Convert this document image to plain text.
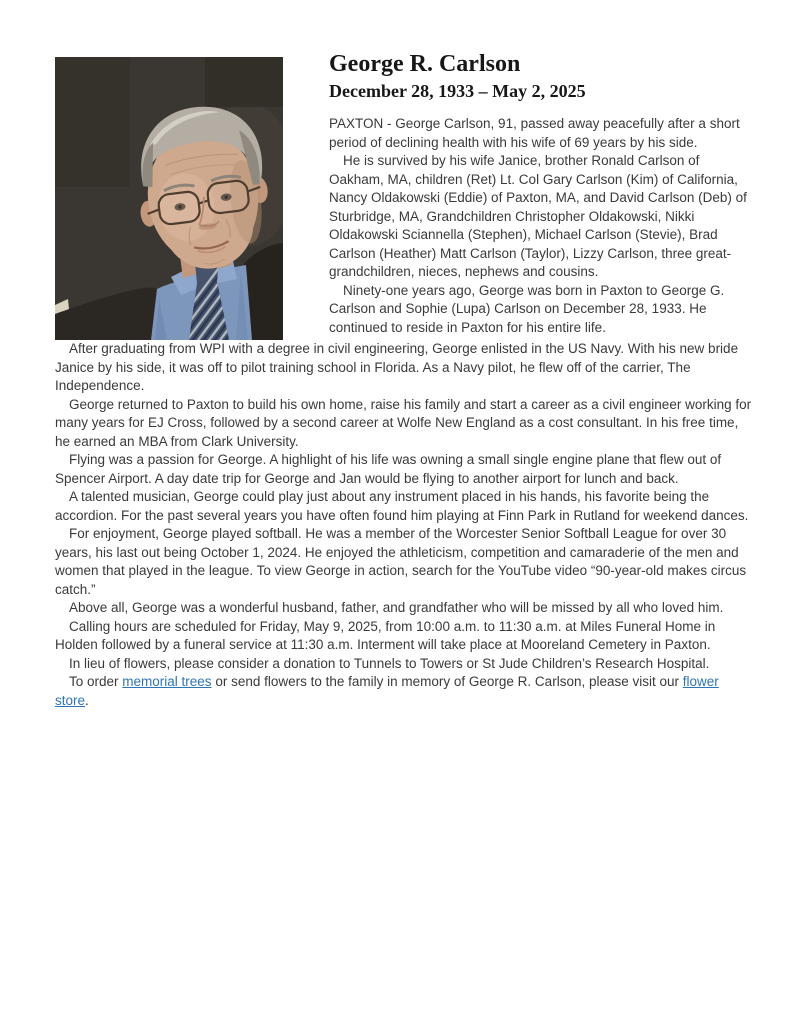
George R. Carlson
December 28, 1933 – May 2, 2025

PAXTON - George Carlson, 91, passed away peacefully after a short period of declining health with his wife of 69 years by his side.

He is survived by his wife Janice, brother Ronald Carlson of Oakham, MA, children (Ret) Lt. Col Gary Carlson (Kim) of California, Nancy Oldakowski (Eddie) of Paxton, MA, and David Carlson (Deb) of Sturbridge, MA, Grandchildren Christopher Oldakowski, Nikki Oldakowski Sciannella (Stephen), Michael Carlson (Stevie), Brad Carlson (Heather) Matt Carlson (Taylor), Lizzy Carlson, three great-grandchildren, nieces, nephews and cousins.

Ninety-one years ago, George was born in Paxton to George G. Carlson and Sophie (Lupa) Carlson on December 28, 1933. He continued to reside in Paxton for his entire life.

After graduating from WPI with a degree in civil engineering, George enlisted in the US Navy. With his new bride Janice by his side, it was off to pilot training school in Florida. As a Navy pilot, he flew off of the carrier, The Independence.

George returned to Paxton to build his own home, raise his family and start a career as a civil engineer working for many years for EJ Cross, followed by a second career at Wolfe New England as a cost consultant. In his free time, he earned an MBA from Clark University.

Flying was a passion for George. A highlight of his life was owning a small single engine plane that flew out of Spencer Airport. A day date trip for George and Jan would be flying to another airport for lunch and back.

A talented musician, George could play just about any instrument placed in his hands, his favorite being the accordion. For the past several years you have often found him playing at Finn Park in Rutland for weekend dances.

For enjoyment, George played softball. He was a member of the Worcester Senior Softball League for over 30 years, his last out being October 1, 2024. He enjoyed the athleticism, competition and camaraderie of the men and women that played in the league. To view George in action, search for the YouTube video “90-year-old makes circus catch.”

Above all, George was a wonderful husband, father, and grandfather who will be missed by all who loved him.

Calling hours are scheduled for Friday, May 9, 2025, from 10:00 a.m. to 11:30 a.m. at Miles Funeral Home in Holden followed by a funeral service at 11:30 a.m. Interment will take place at Mooreland Cemetery in Paxton.

In lieu of flowers, please consider a donation to Tunnels to Towers or St Jude Children’s Research Hospital.

To order memorial trees or send flowers to the family in memory of George R. Carlson, please visit our flower store.
